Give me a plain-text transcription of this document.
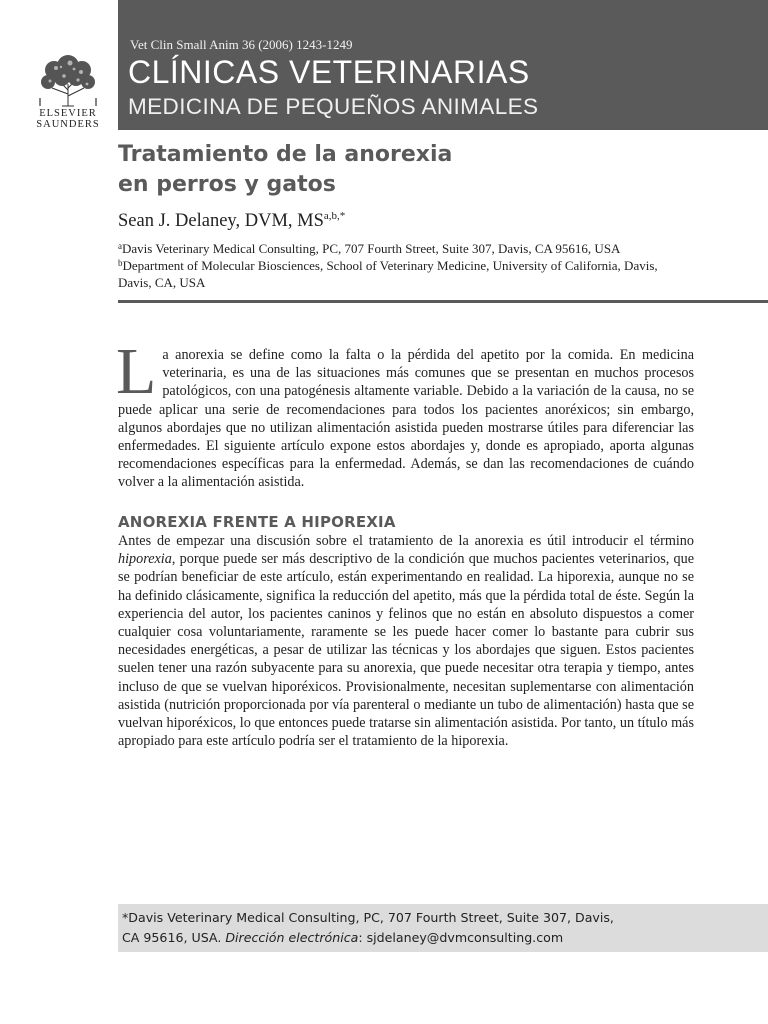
ELSEVIER
SAUNDERS
Vet Clin Small Anim 36 (2006) 1243-1249
CLÍNICAS VETERINARIAS
MEDICINA DE PEQUEÑOS ANIMALES
Tratamiento de la anorexia
en perros y gatos
Sean J. Delaney, DVM, $MS^{a,b,*}$
$^a$Davis Veterinary Medical Consulting, PC, 707 Fourth Street, Suite 307, Davis, CA 95616, USA
$^b$Department of Molecular Biosciences, School of Veterinary Medicine, University of California, Davis, Davis, CA, USA
La anorexia se define como la falta o la pérdida del apetito por la comida. En medicina veterinaria, es una de las situaciones más comunes que se presentan en muchos procesos patológicos, con una patogénesis altamente variable. Debido a la variación de la causa, no se puede aplicar una serie de recomendaciones para todos los pacientes anoréxicos; sin embargo, algunos abordajes que no utilizan alimentación asistida pueden mostrarse útiles para diferenciar las enfermedades. El siguiente artículo expone estos abordajes y, donde es apropiado, aporta algunas recomendaciones específicas para la enfermedad. Además, se dan las recomendaciones de cuándo volver a la alimentación asistida.
ANOREXIA FRENTE A HIPOREXIA
Antes de empezar una discusión sobre el tratamiento de la anorexia es útil introducir el término hiporexia, porque puede ser más descriptivo de la condición que muchos pacientes veterinarios, que se podrían beneficiar de este artículo, están experimentando en realidad. La hiporexia, aunque no se ha definido clásicamente, significa la reducción del apetito, más que la pérdida total de éste. Según la experiencia del autor, los pacientes caninos y felinos que no están en absoluto dispuestos a comer cualquier cosa voluntariamente, raramente se les puede hacer comer lo bastante para cubrir sus necesidades energéticas, a pesar de utilizar las técnicas y los abordajes que siguen. Estos pacientes suelen tener una razón subyacente para su anorexia, que puede necesitar otra terapia y tiempo, antes incluso de que se vuelvan hiporéxicos. Provisionalmente, necesitan suplementarse con alimentación asistida (nutrición proporcionada por vía parenteral o mediante un tubo de alimentación) hasta que se vuelvan hiporéxicos, lo que entonces puede tratarse sin alimentación asistida. Por tanto, un título más apropiado para este artículo podría ser el tratamiento de la hiporexia.
*Davis Veterinary Medical Consulting, PC, 707 Fourth Street, Suite 307, Davis,
CA 95616, USA. Dirección electrónica: sjdelaney@dvmconsulting.com
